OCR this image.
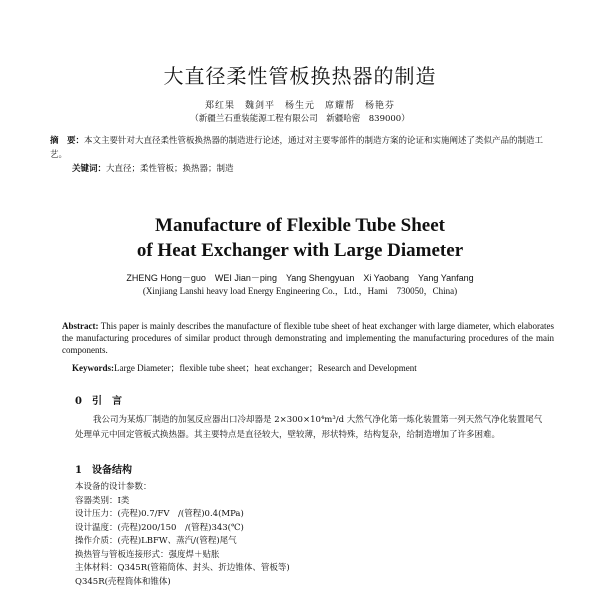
大直径柔性管板换热器的制造
郑红果　魏剑平　杨生元　席耀帮　杨艳芬
（新疆兰石重装能源工程有限公司　新疆哈密　839000）
摘　要：本文主要针对大直径柔性管板换热器的制造进行论述，通过对主要零部件的制造方案的论证和实施阐述了类似产品的制造工艺。
关键词：大直径；柔性管板；换热器；制造
Manufacture of Flexible Tube Sheet
of Heat Exchanger with Large Diameter
ZHENG Hong－guo　WEI Jian－ping　Yang Shengyuan　Xi Yaobang　Yang Yanfang
(Xinjiang Lanshi heavy load Energy Engineering Co.，Ltd.，Hami　730050，China)
Abstract: This paper is mainly describes the manufacture of flexible tube sheet of heat exchanger with large diameter, which elaborates the manufacturing procedures of similar product through demonstrating and implementing the manufacturing procedures of the main components.
Keywords:Large Diameter；flexible tube sheet；heat exchanger；Research and Development
0　引　言
我公司为某炼厂制造的加氢反应器出口冷却器是 2×300×10⁴m³/d 大然气净化第一炼化装置第一列天然气净化装置尾气处理单元中回定管板式换热器。其主要特点是直径较大，壁较薄，形状特殊，结构复杂，给制造增加了许多困难。
1　设备结构
本设备的设计参数：
容器类别：Ⅰ类
设计压力：(壳程)0.7/FV　/(管程)0.4(MPa)
设计温度：(壳程)200/150　/(管程)343(℃)
操作介质：(壳程)LBFW、蒸汽/(管程)尾气
换热管与管板连接形式：强度焊＋贴胀
主体材料：Q345R(管箱筒体、封头、折边锥体、管板等)
Q345R(壳程筒体和锥体)
